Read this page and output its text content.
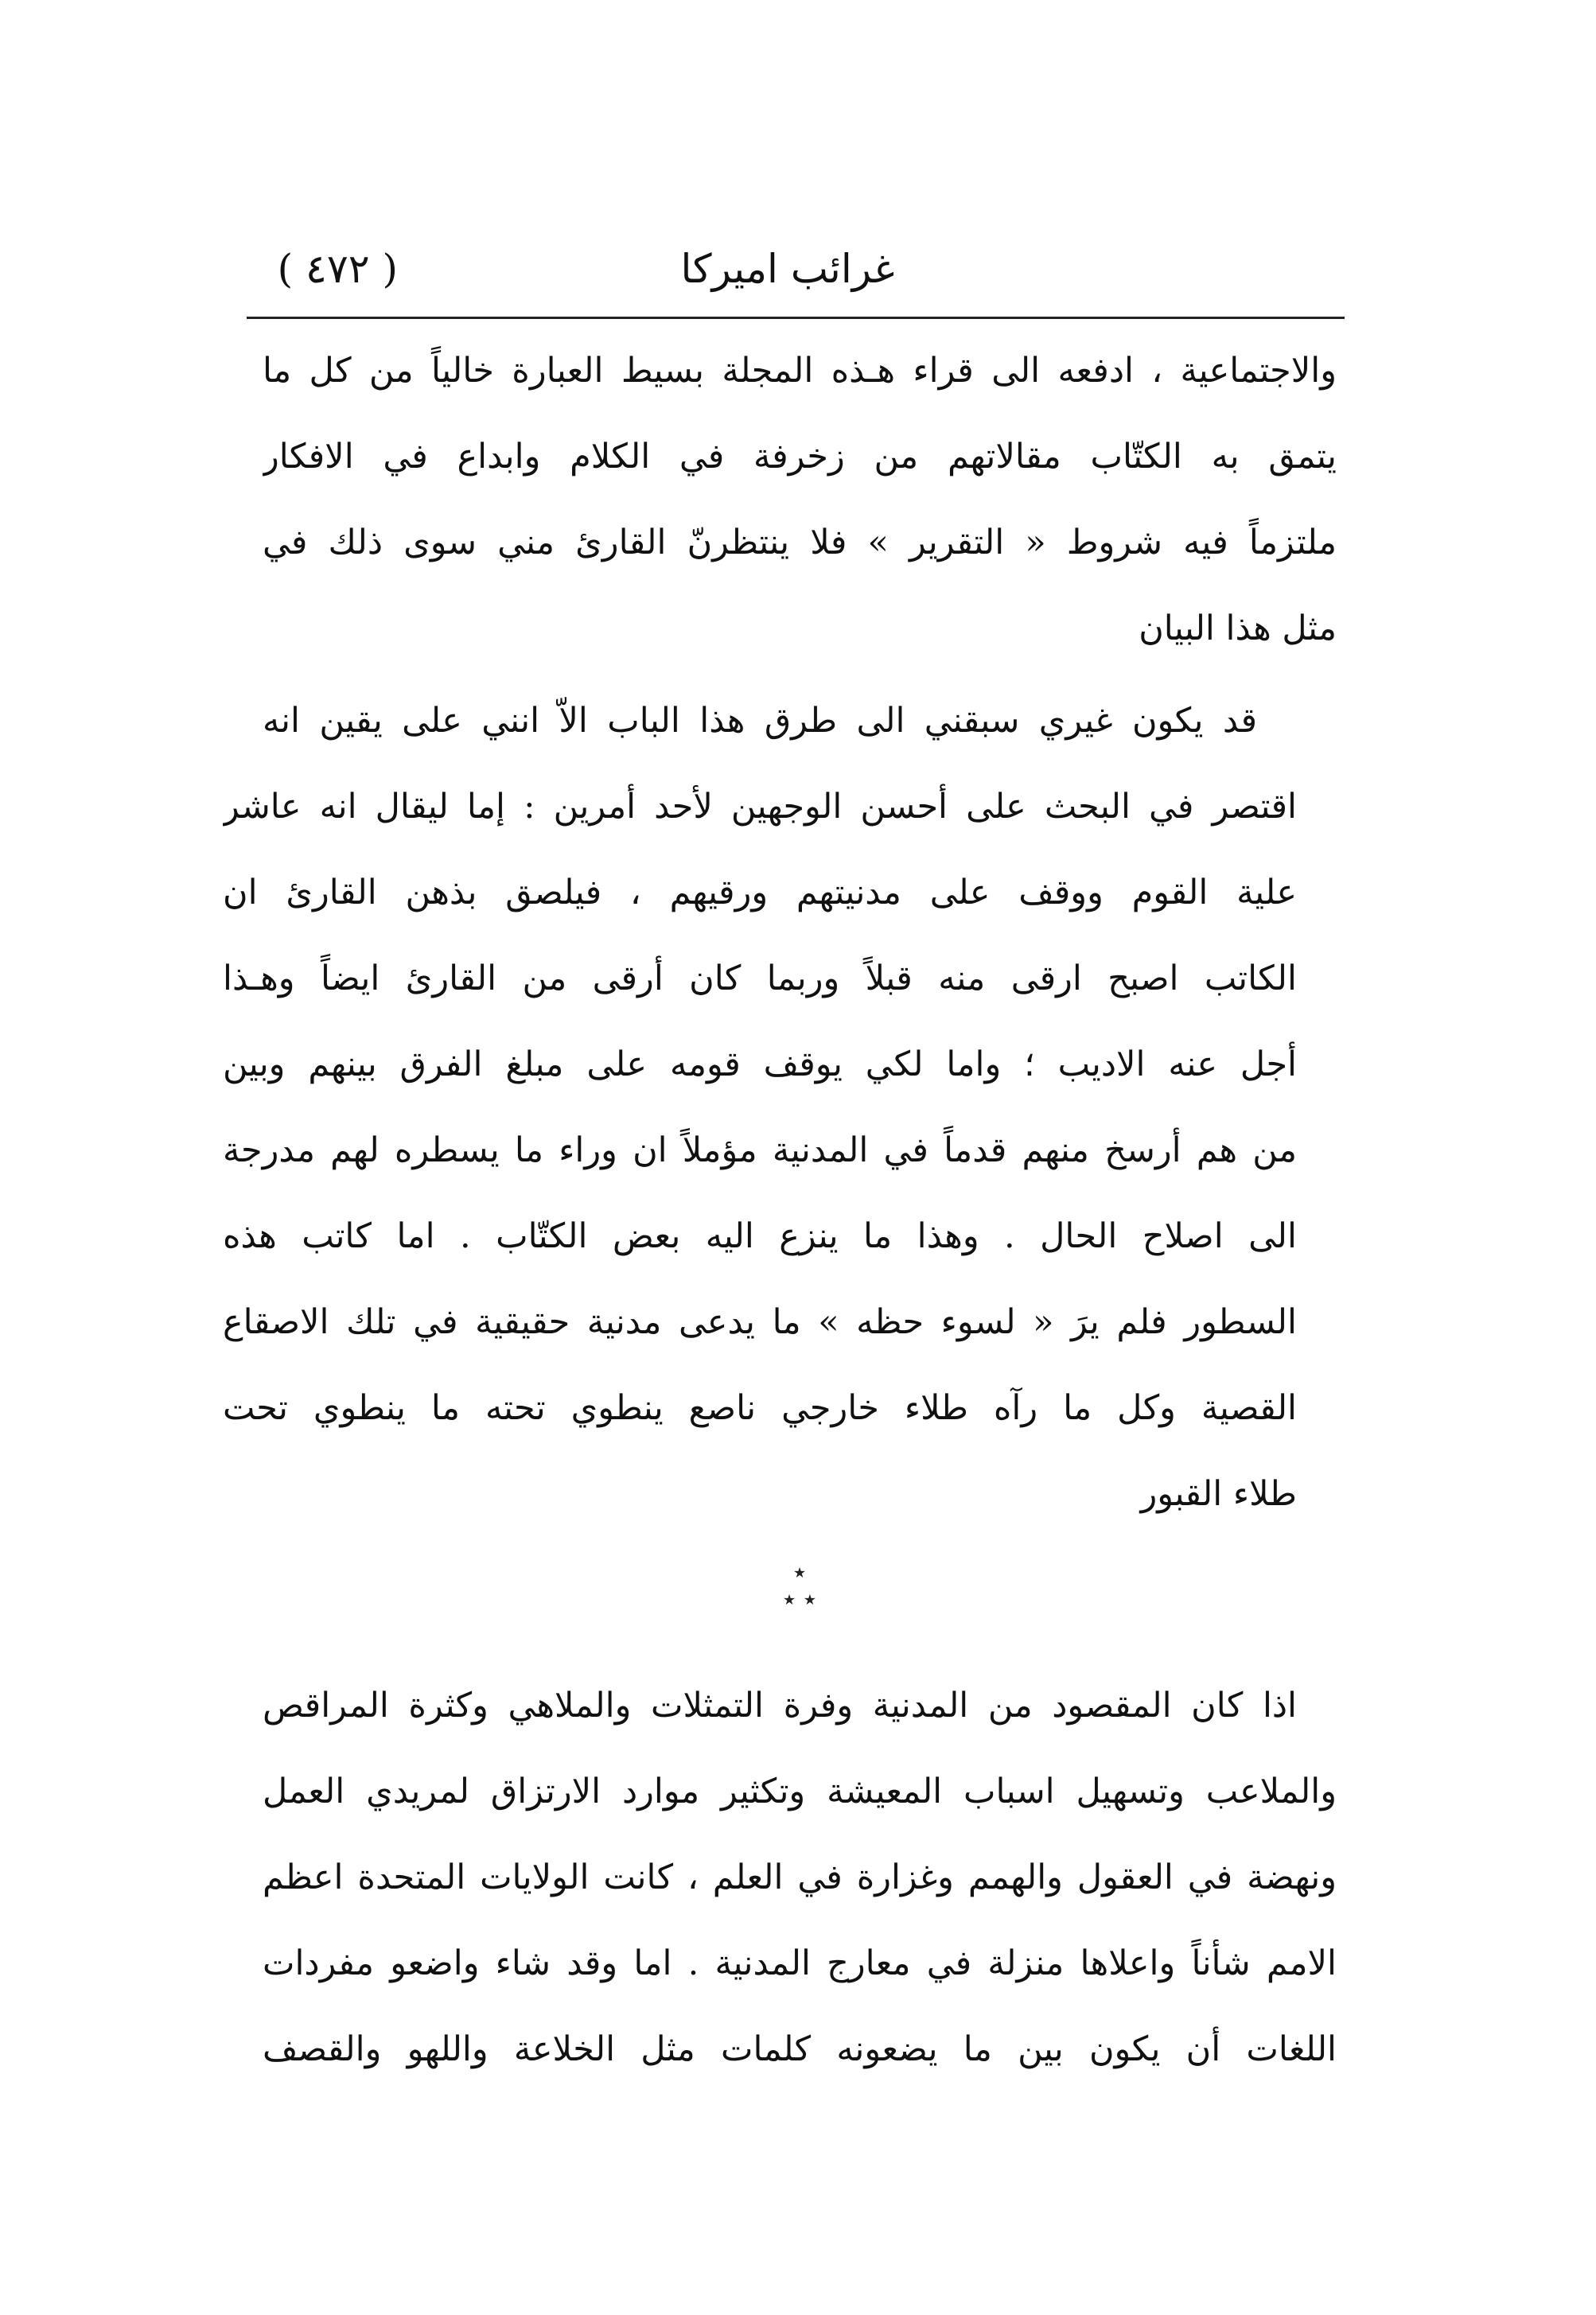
غرائب اميركا
( ٤٧٢ )
والاجتماعية ، ادفعه الى قراء هـذه المجلة بسيط العبارة خالياً من كل ما
يتمق به الكتّاب مقالاتهم من زخرفة في الكلام وابداع في الافكار
ملتزماً فيه شروط « التقرير » فلا ينتظرنّ القارئ مني سوى ذلك في
مثل هذا البيان
قد يكون غيري سبقني الى طرق هذا الباب الاّ انني على يقين انه
اقتصر في البحث على أحسن الوجهين لأحد أمرين : إما ليقال انه عاشر
علية القوم ووقف على مدنيتهم ورقيهم ، فيلصق بذهن القارئ ان
الكاتب اصبح ارقى منه قبلاً وربما كان أرقى من القارئ ايضاً وهـذا
أجل عنه الاديب ؛ واما لكي يوقف قومه على مبلغ الفرق بينهم وبين
من هم أرسخ منهم قدماً في المدنية مؤملاً ان وراء ما يسطره لهم مدرجة
الى اصلاح الحال . وهذا ما ينزع اليه بعض الكتّاب . اما كاتب هذه
السطور فلم يرَ « لسوء حظه » ما يدعى مدنية حقيقية في تلك الاصقاع
القصية وكل ما رآه طلاء خارجي ناصع ينطوي تحته ما ينطوي تحت
طلاء القبور
٭
٭ ٭
اذا كان المقصود من المدنية وفرة التمثلات والملاهي وكثرة المراقص
والملاعب وتسهيل اسباب المعيشة وتكثير موارد الارتزاق لمريدي العمل
ونهضة في العقول والهمم وغزارة في العلم ، كانت الولايات المتحدة اعظم
الامم شأناً واعلاها منزلة في معارج المدنية . اما وقد شاء واضعو مفردات
اللغات أن يكون بين ما يضعونه كلمات مثل الخلاعة واللهو والقصف
